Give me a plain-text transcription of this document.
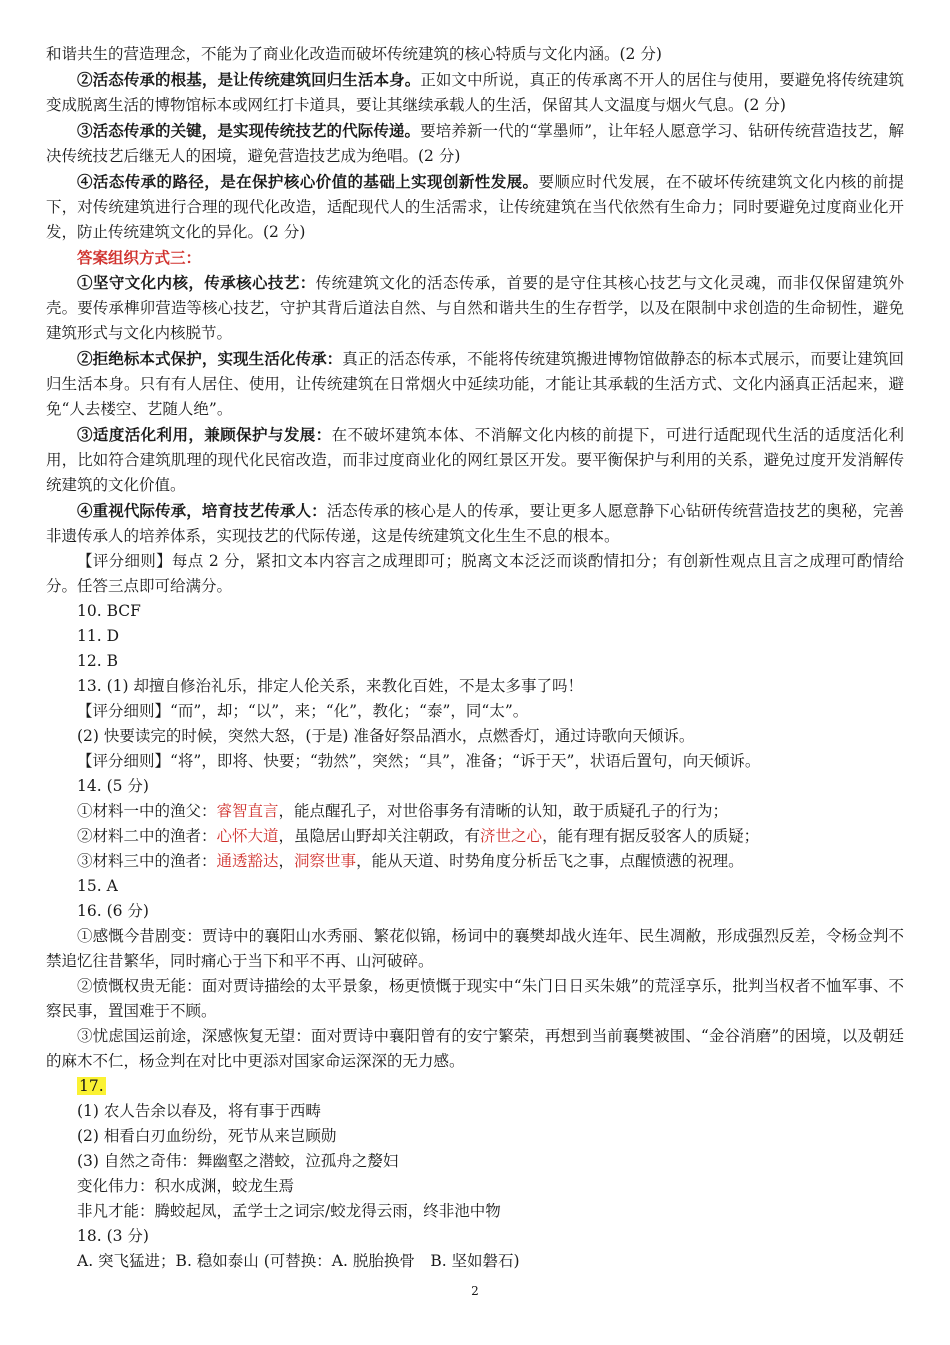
和谐共生的营造理念，不能为了商业化改造而破坏传统建筑的核心特质与文化内涵。(2 分)

②活态传承的根基，是让传统建筑回归生活本身。正如文中所说，真正的传承离不开人的居住与使用，要避免将传统建筑变成脱离生活的博物馆标本或网红打卡道具，要让其继续承载人的生活，保留其人文温度与烟火气息。(2 分)

③活态传承的关键，是实现传统技艺的代际传递。要培养新一代的“掌墨师”，让年轻人愿意学习、钻研传统营造技艺，解决传统技艺后继无人的困境，避免营造技艺成为绝唱。(2 分)

④活态传承的路径，是在保护核心价值的基础上实现创新性发展。要顺应时代发展，在不破坏传统建筑文化内核的前提下，对传统建筑进行合理的现代化改造，适配现代人的生活需求，让传统建筑在当代依然有生命力；同时要避免过度商业化开发，防止传统建筑文化的异化。(2 分)

答案组织方式三：

①坚守文化内核，传承核心技艺：传统建筑文化的活态传承，首要的是守住其核心技艺与文化灵魂，而非仅保留建筑外壳。要传承榫卯营造等核心技艺，守护其背后道法自然、与自然和谐共生的生存哲学，以及在限制中求创造的生命韧性，避免建筑形式与文化内核脱节。

②拒绝标本式保护，实现生活化传承：真正的活态传承，不能将传统建筑搬进博物馆做静态的标本式展示，而要让建筑回归生活本身。只有有人居住、使用，让传统建筑在日常烟火中延续功能，才能让其承载的生活方式、文化内涵真正活起来，避免“人去楼空、艺随人绝”。

③适度活化利用，兼顾保护与发展：在不破坏建筑本体、不消解文化内核的前提下，可进行适配现代生活的适度活化利用，比如符合建筑肌理的现代化民宿改造，而非过度商业化的网红景区开发。要平衡保护与利用的关系，避免过度开发消解传统建筑的文化价值。

④重视代际传承，培育技艺传承人：活态传承的核心是人的传承，要让更多人愿意静下心钻研传统营造技艺的奥秘，完善非遗传承人的培养体系，实现技艺的代际传递，这是传统建筑文化生生不息的根本。

【评分细则】每点 2 分，紧扣文本内容言之成理即可；脱离文本泛泛而谈酌情扣分；有创新性观点且言之成理可酌情给分。任答三点即可给满分。

10. BCF

11. D

12. B

13. (1) 却擅自修治礼乐，排定人伦关系，来教化百姓，不是太多事了吗！

【评分细则】“而”，却；“以”，来；“化”，教化；“泰”，同“太”。

(2) 快要读完的时候，突然大怒，(于是) 准备好祭品酒水，点燃香灯，通过诗歌向天倾诉。

【评分细则】“将”，即将、快要；“勃然”，突然；“具”，准备；“诉于天”，状语后置句，向天倾诉。

14. (5 分)

①材料一中的渔父：睿智直言，能点醒孔子，对世俗事务有清晰的认知，敢于质疑孔子的行为；

②材料二中的渔者：心怀大道，虽隐居山野却关注朝政，有济世之心，能有理有据反驳客人的质疑；

③材料三中的渔者：通透豁达，洞察世事，能从天道、时势角度分析岳飞之事，点醒愤懑的祝理。

15. A

16. (6 分)

①感慨今昔剧变：贾诗中的襄阳山水秀丽、繁花似锦，杨词中的襄樊却战火连年、民生凋敝，形成强烈反差，令杨佥判不禁追忆往昔繁华，同时痛心于当下和平不再、山河破碎。

②愤慨权贵无能：面对贾诗描绘的太平景象，杨更愤慨于现实中“朱门日日买朱娥”的荒淫享乐，批判当权者不恤军事、不察民事，置国难于不顾。

③忧虑国运前途，深感恢复无望：面对贾诗中襄阳曾有的安宁繁荣，再想到当前襄樊被围、“金谷消磨”的困境，以及朝廷的麻木不仁，杨佥判在对比中更添对国家命运深深的无力感。

17.

(1) 农人告余以春及，将有事于西畴

(2) 相看白刃血纷纷，死节从来岂顾勋

(3) 自然之奇伟：舞幽壑之潜蛟，泣孤舟之嫠妇

变化伟力：积水成渊，蛟龙生焉

非凡才能：腾蛟起凤，孟学士之词宗/蛟龙得云雨，终非池中物

18. (3 分)

A. 突飞猛进；B. 稳如泰山 (可替换：A. 脱胎换骨　B. 坚如磐石)

2
